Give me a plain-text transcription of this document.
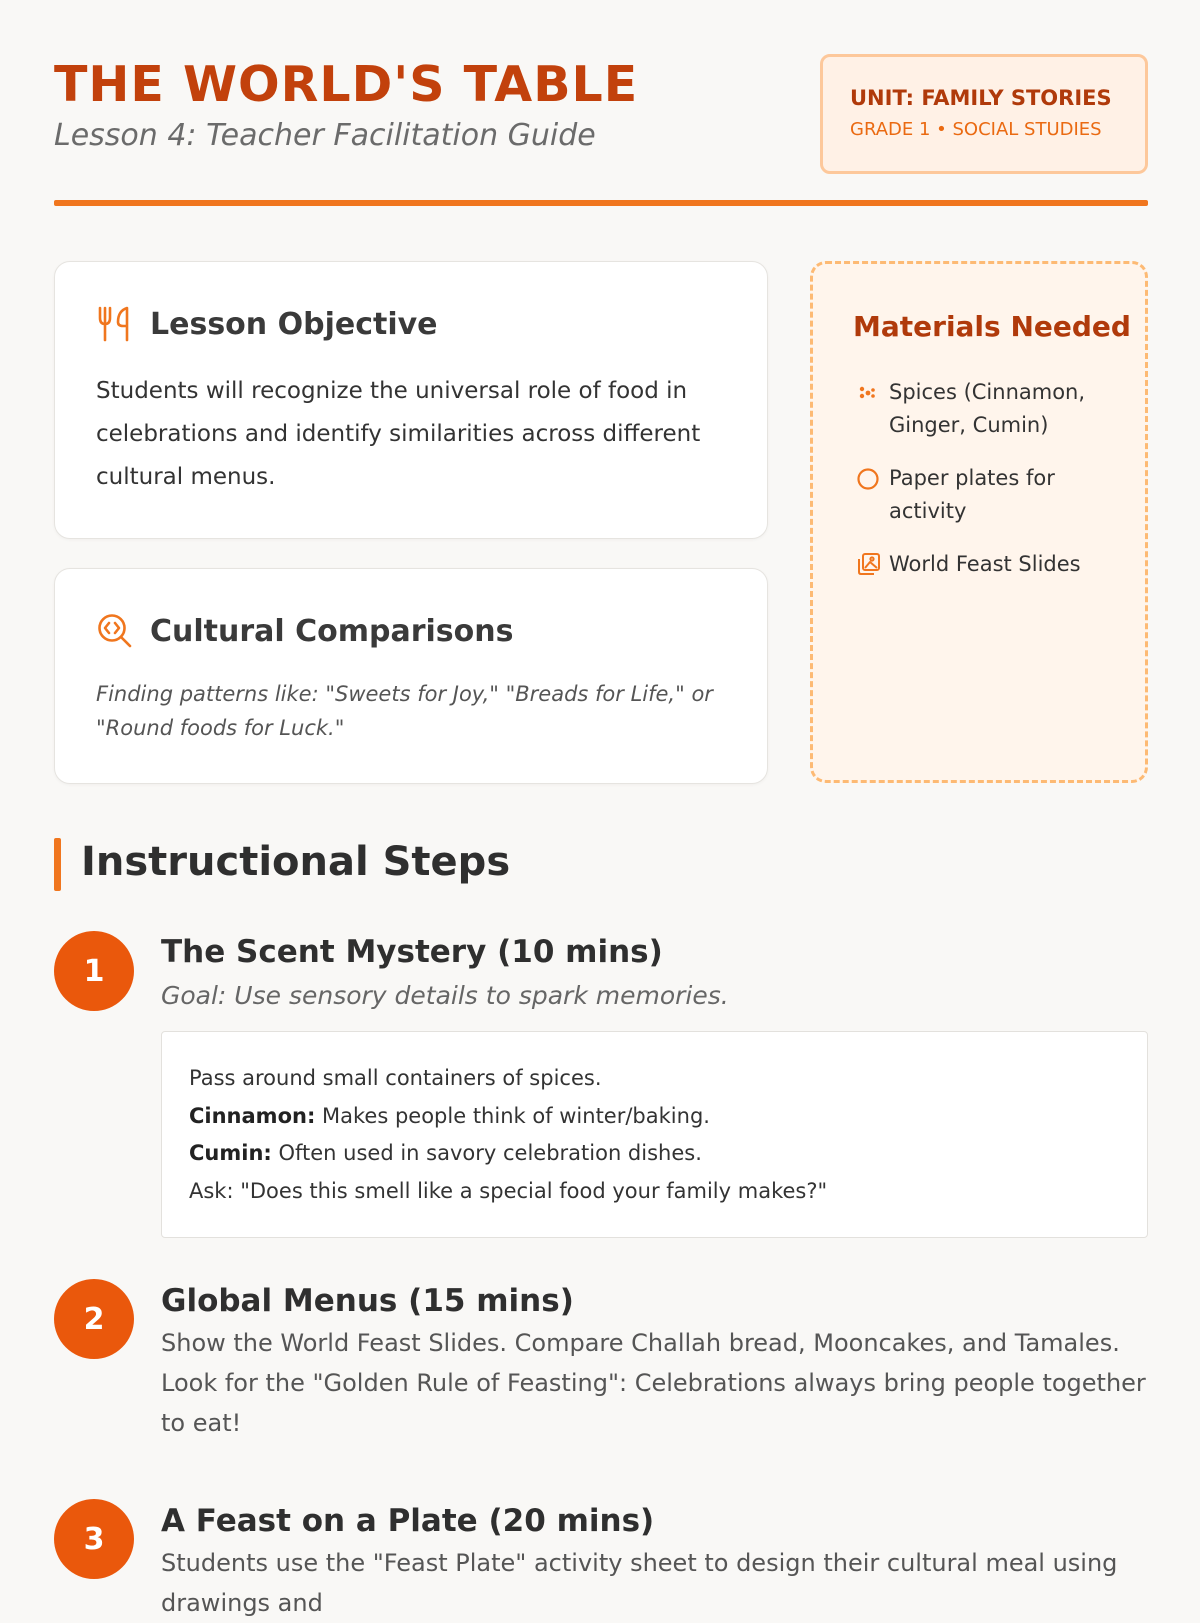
THE WORLD'S TABLE
Lesson 4: Teacher Facilitation Guide
UNIT: FAMILY STORIES
GRADE 1 • SOCIAL STUDIES
Lesson Objective
Students will recognize the universal role of food in celebrations and identify similarities across different cultural menus.
Cultural Comparisons
Finding patterns like: "Sweets for Joy," "Breads for Life," or "Round foods for Luck."
Materials Needed
Spices (Cinnamon, Ginger, Cumin)
Paper plates for activity
World Feast Slides
Instructional Steps
1
The Scent Mystery (10 mins)
Goal: Use sensory details to spark memories.
Pass around small containers of spices.
Cinnamon: Makes people think of winter/baking.
Cumin: Often used in savory celebration dishes.
Ask: "Does this smell like a special food your family makes?"
2	Global Menus (15 mins)
Show the World Feast Slides. Compare Challah bread, Mooncakes, and Tamales. Look for the "Golden Rule of Feasting": Celebrations always bring people together to eat!
3	A Feast on a Plate (20 mins)
Students use the "Feast Plate" activity sheet to design their cultural meal using drawings and
